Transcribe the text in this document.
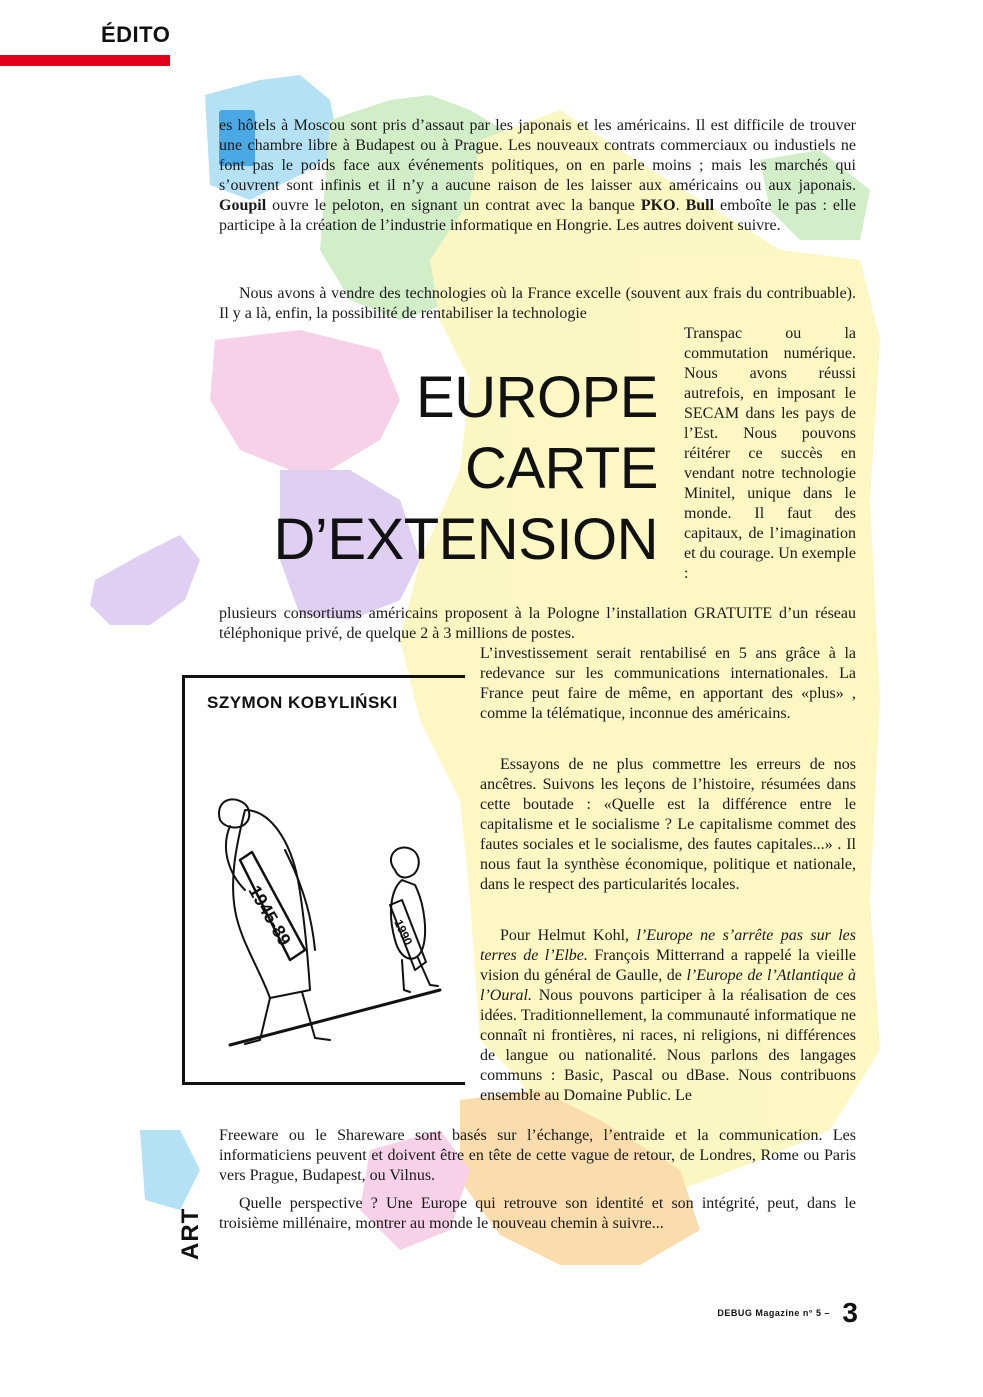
ÉDITO

es hôtels à Moscou sont pris d’assaut par les japonais et les américains. Il est difficile de trouver une chambre libre à Budapest ou à Prague. Les nouveaux contrats commerciaux ou industiels ne font pas le poids face aux événements politiques, on en parle moins ; mais les marchés qui s’ouvrent sont infinis et il n’y a aucune raison de les laisser aux américains ou aux japonais. Goupil ouvre le peloton, en signant un contrat avec la banque PKO. Bull emboîte le pas : elle participe à la création de l’industrie informatique en Hongrie. Les autres doivent suivre.

Nous avons à vendre des technologies où la France excelle (souvent aux frais du contribuable). Il y a là, enfin, la possibilité de rentabiliser la technologie

EUROPE
CARTE
D’EXTENSION

Transpac ou la commutation numérique. Nous avons réussi autrefois, en imposant le SECAM dans les pays de l’Est. Nous pouvons réitérer ce succès en vendant notre technologie Minitel, unique dans le monde. Il faut des capitaux, de l’imagination et du courage. Un exemple :

plusieurs consortiums américains proposent à la Pologne l’installation GRATUITE d’un réseau téléphonique privé, de quelque 2 à 3 millions de postes.

L’investissement serait rentabilisé en 5 ans grâce à la redevance sur les communications internationales. La France peut faire de même, en apportant des «plus» , comme la télématique, inconnue des américains.

Essayons de ne plus commettre les erreurs de nos ancêtres. Suivons les leçons de l’histoire, résumées dans cette boutade : «Quelle est la différence entre le capitalisme et le socialisme ? Le capitalisme commet des fautes sociales et le socialisme, des fautes capitales...» . Il nous faut la synthèse économique, politique et nationale, dans le respect des particularités locales.

Pour Helmut Kohl, l’Europe ne s’arrête pas sur les terres de l’Elbe. François Mitterrand a rappelé la vieille vision du général de Gaulle, de l’Europe de l’Atlantique à l’Oural. Nous pouvons participer à la réalisation de ces idées. Traditionnellement, la communauté informatique ne connaît ni frontières, ni races, ni religions, ni différences de langue ou nationalité. Nous parlons des langages communs : Basic, Pascal ou dBase. Nous contribuons ensemble au Domaine Public. Le

Freeware ou le Shareware sont basés sur l’échange, l’entraide et la communication. Les informaticiens peuvent et doivent être en tête de cette vague de retour, de Londres, Rome ou Paris vers Prague, Budapest, ou Vilnus.

Quelle perspective ? Une Europe qui retrouve son identité et son intégrité, peut, dans le troisième millénaire, montrer au monde le nouveau chemin à suivre...

SZYMON KOBYLIŃSKI
1945-89	1990
ART
DEBUG Magazine n° 5 – 3
